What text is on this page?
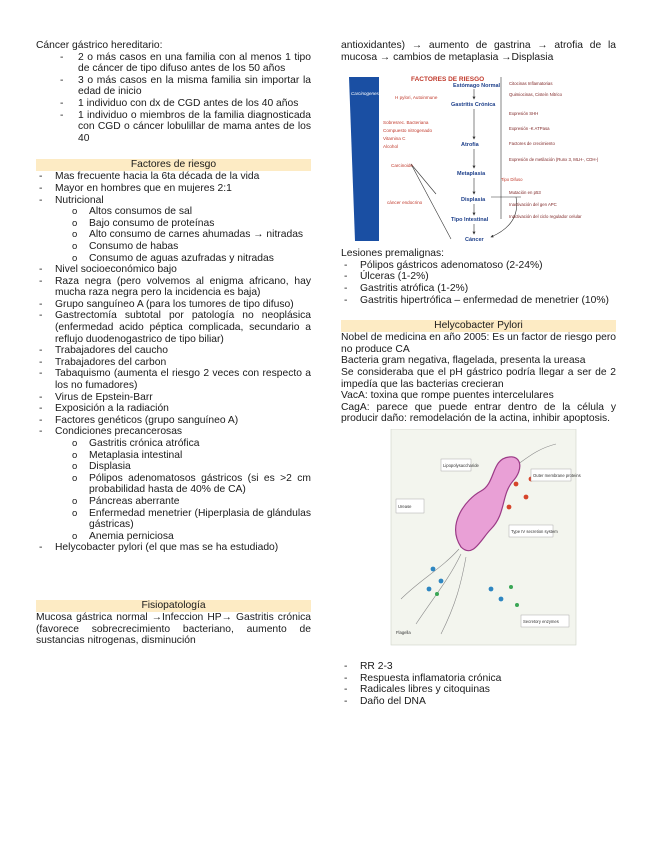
Cáncer gástrico hereditario:

- 2 o más casos en una familia con al menos 1 tipo de cáncer de tipo difuso antes de los 50 años
- 3 o más casos en la misma familia sin importar la edad de inicio
- 1 individuo con dx de CGD antes de los 40 años
- 1 individuo o miembros de la familia diagnosticada con CGD o cáncer lobulillar de mama antes de los 40

Factores de riesgo

- Mas frecuente hacia la 6ta década de la vida
- Mayor en hombres que en mujeres 2:1
- Nutricional
o Altos consumos de sal
o Bajo consumo de proteínas
o Alto consumo de carnes ahumadas → nitradas
o Consumo de habas
o Consumo de aguas azufradas y nitradas
- Nivel socioeconómico bajo
- Raza negra (pero volvemos al enigma africano, hay mucha raza negra pero la incidencia es baja)
- Grupo sanguíneo A (para los tumores de tipo difuso)
- Gastrectomía subtotal por patología no neoplásica (enfermedad acido péptica complicada, secundario a reflujo duodenogastrico de tipo biliar)
- Trabajadores del caucho
- Trabajadores del carbon
- Tabaquismo (aumenta el riesgo 2 veces con respecto a los no fumadores)
- Virus de Epstein-Barr
- Exposición a la radiación
- Factores genéticos (grupo sanguíneo A)
- Condiciones precancerosas
o Gastritis crónica atrófica
o Metaplasia intestinal
o Displasia
o Pólipos adenomatosos gástricos (si es >2 cm probabilidad hasta de 40% de CA)
o Páncreas aberrante
o Enfermedad menetrier (Hiperplasia de glándulas gástricas)
o Anemia perniciosa
- Helycobacter pylori (el que mas se ha estudiado)

Fisiopatología

Mucosa gástrica normal →Infeccion HP→ Gastritis crónica (favorece sobrecrecimiento bacteriano, aumento de sustancias nitrogenas, disminución

antioxidantes) → aumento de gastrina → atrofia de la mucosa → cambios de metaplasia →Displasia

Carcinogenesis Factors
FACTORES DE RIESGO
Estómago Normal
Gastritis Crónica
Atrofia
Metaplasia
Displasia
Tipo Intestinal
Cáncer
H pylori, Autoinmune
Sobresrec. Bacteriana
Compuesto nitrogenado
Vitamina C
Alcohol
Carcinoide
cáncer endocrino
Citocinas Inflamatorias
Quimiocinas, Cisteín Nítrico
Expresión SHH
Expresión -K ATPasa
Factores de crecimiento
Expresión de metilación (Runx 3, MLH-, CDH-)
Tipo Difuso
Mutación en p53
Inactivación del gen APC
Inactivación del ciclo regulador celular

Lesiones premalignas:

- Pólipos gástricos adenomatoso (2-24%)
- Úlceras (1-2%)
- Gastritis atrófica (1-2%)
- Gastritis hipertrófica – enfermedad de menetrier (10%)

Helycobacter Pylori

Nobel de medicina en año 2005: Es un factor de riesgo pero no produce CA

Bacteria gram negativa, flagelada, presenta la ureasa

Se consideraba que el pH gástrico podría llegar a ser de 2 impedía que las bacterias crecieran

VacA: toxina que rompe puentes intercelulares

CagA: parece que puede entrar dentro de la célula y producir daño: remodelación de la actina, inhibir apoptosis.

Lipopolysaccharide
Urease
Type IV secretion system
Flagella
Outer membrane proteins
Secretory enzymes
- RR 2-3
- Respuesta inflamatoria crónica
- Radicales libres y citoquinas
- Daño del DNA
